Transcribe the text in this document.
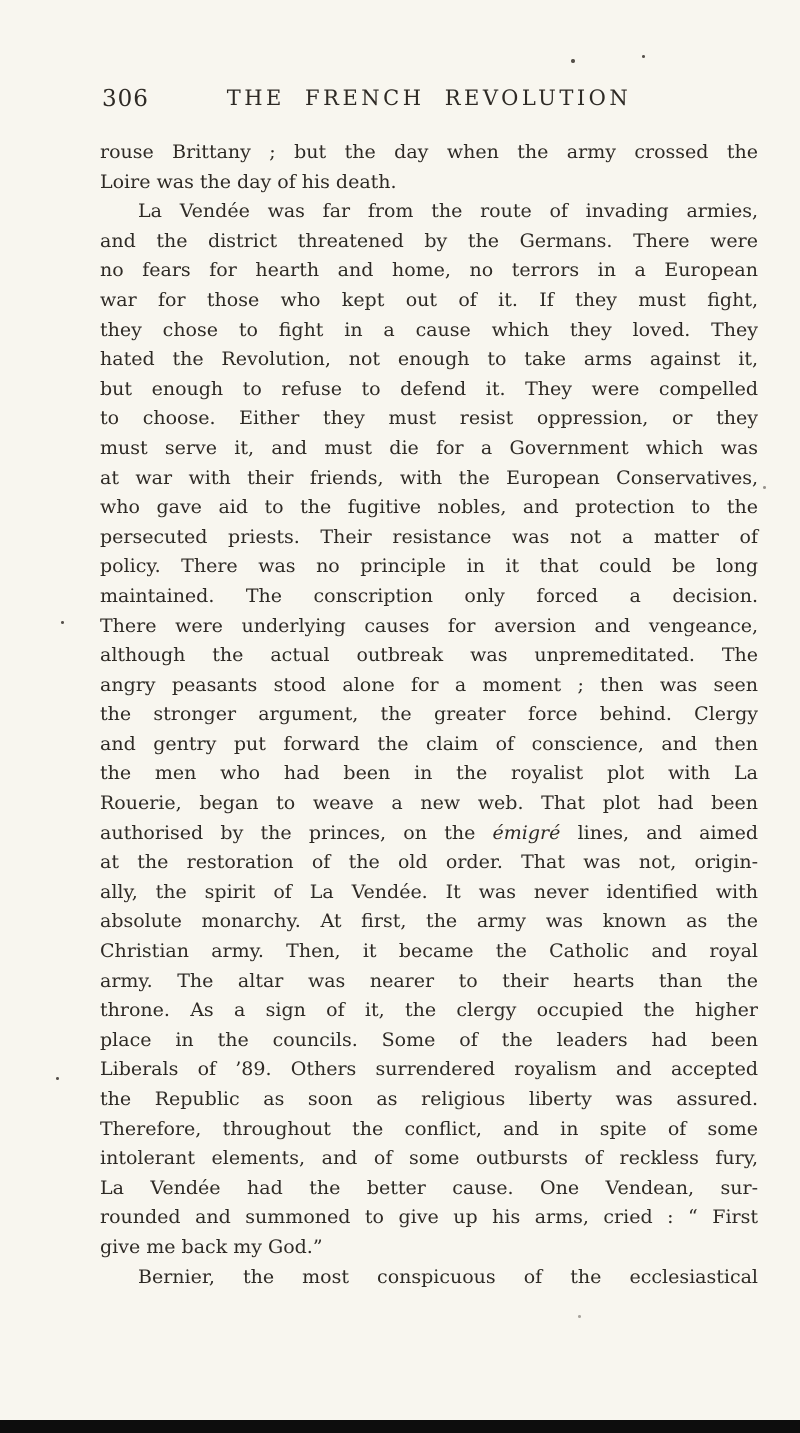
306	THE FRENCH REVOLUTION
rouse Brittany ; but the day when the army crossed the
Loire was the day of his death.
La Vendée was far from the route of invading armies,
and the district threatened by the Germans. There were
no fears for hearth and home, no terrors in a European
war for those who kept out of it. If they must fight,
they chose to fight in a cause which they loved. They
hated the Revolution, not enough to take arms against it,
but enough to refuse to defend it. They were compelled
to choose. Either they must resist oppression, or they
must serve it, and must die for a Government which was
at war with their friends, with the European Conservatives,
who gave aid to the fugitive nobles, and protection to the
persecuted priests. Their resistance was not a matter of
policy. There was no principle in it that could be long
maintained. The conscription only forced a decision.
There were underlying causes for aversion and vengeance,
although the actual outbreak was unpremeditated. The
angry peasants stood alone for a moment ; then was seen
the stronger argument, the greater force behind. Clergy
and gentry put forward the claim of conscience, and then
the men who had been in the royalist plot with La
Rouerie, began to weave a new web. That plot had been
authorised by the princes, on the émigré lines, and aimed
at the restoration of the old order. That was not, origin-
ally, the spirit of La Vendée. It was never identified with
absolute monarchy. At first, the army was known as the
Christian army. Then, it became the Catholic and royal
army. The altar was nearer to their hearts than the
throne. As a sign of it, the clergy occupied the higher
place in the councils. Some of the leaders had been
Liberals of ’89. Others surrendered royalism and accepted
the Republic as soon as religious liberty was assured.
Therefore, throughout the conflict, and in spite of some
intolerant elements, and of some outbursts of reckless fury,
La Vendée had the better cause. One Vendean, sur-
rounded and summoned to give up his arms, cried : “ First
give me back my God.”
Bernier, the most conspicuous of the ecclesiastical
